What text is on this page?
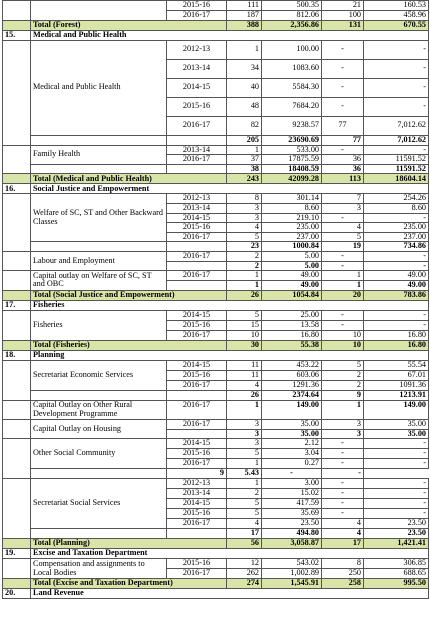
		2015-16	111	500.35	21	160.53
		2016-17	187	812.06	100	458.96
	Total (Forest)		388	2,356.86	131	670.55
15.	Medical and Public Health					
	Medical and Public Health	2012-13	1	100.00	-	-
		2013-14	34	1083.60	-	-
		2014-15	40	5584.30	-	-
		2015-16	48	7684.20	-	-
		2016-17	82	9238.57	77	7,012.62
			205	23690.69	77	7,012.62
	Family Health	2013-14	1	533.00	-	-
		2016-17	37	17875.59	36	11591.52
			38	18408.59	36	11591.52
	Total (Medical and Public Health)		243	42099.28	113	18604.14
16.	Social Justice and Empowerment					
	Welfare of SC, ST and Other Backward Classes	2012-13	8	301.14	7	254.26
		2013-14	3	8.60	3	8.60
		2014-15	3	219.10	-	-
		2015-16	4	235.00	4	235.00
		2016-17	5	237.00	5	237.00
			23	1000.84	19	734.86
	Labour and Employment	2016-17	2	5.00	-	-
			2	5.00	-	-
	Capital outlay on Welfare of SC, ST and OBC	2016-17	1	49.00	1	49.00
			1	49.00	1	49.00
	Total (Social Justice and Empowerment)		26	1054.84	20	783.86
17.	Fisheries					
	Fisheries	2014-15	5	25.00	-	-
		2015-16	15	13.58	-	-
		2016-17	10	16.80	10	16.80
	Total (Fisheries)		30	55.38	10	16.80
18.	Planning					
	Secretariat Economic Services	2014-15	11	453.22	5	55.54
		2015-16	11	603.06	2	67.01
		2016-17	4	1291.36	2	1091.36
			26	2374.64	9	1213.91
	Capital Outlay on Other Rural Development Programme	2016-17	1	149.00	1	149.00
	Capital Outlay on Housing	2016-17	3	35.00	3	35.00
			3	35.00	3	35.00
	Other Social Community	2014-15	3	2.12	-	-
		2015-16	5	3.04	-	-
		2016-17	1	0.27	-	-
		9	5.43	-	-	
	Secretariat Social Services	2012-13	1	3.00	-	-
		2013-14	2	15.02	-	-
		2014-15	5	417.59	-	-
		2015-16	5	35.69	-	-
		2016-17	4	23.50	4	23.50
			17	494.80	4	23.50
	Total (Planning)		56	3,058.87	17	1,421.41
19.	Excise and Taxation Department					
	Compensation and assignments to Local Bodies	2015-16	12	543.02	8	306.85
		2016-17	262	1,002.89	250	688.65
	Total (Excise and Taxation Department)		274	1,545.91	258	995.50
20.	Land Revenue					
